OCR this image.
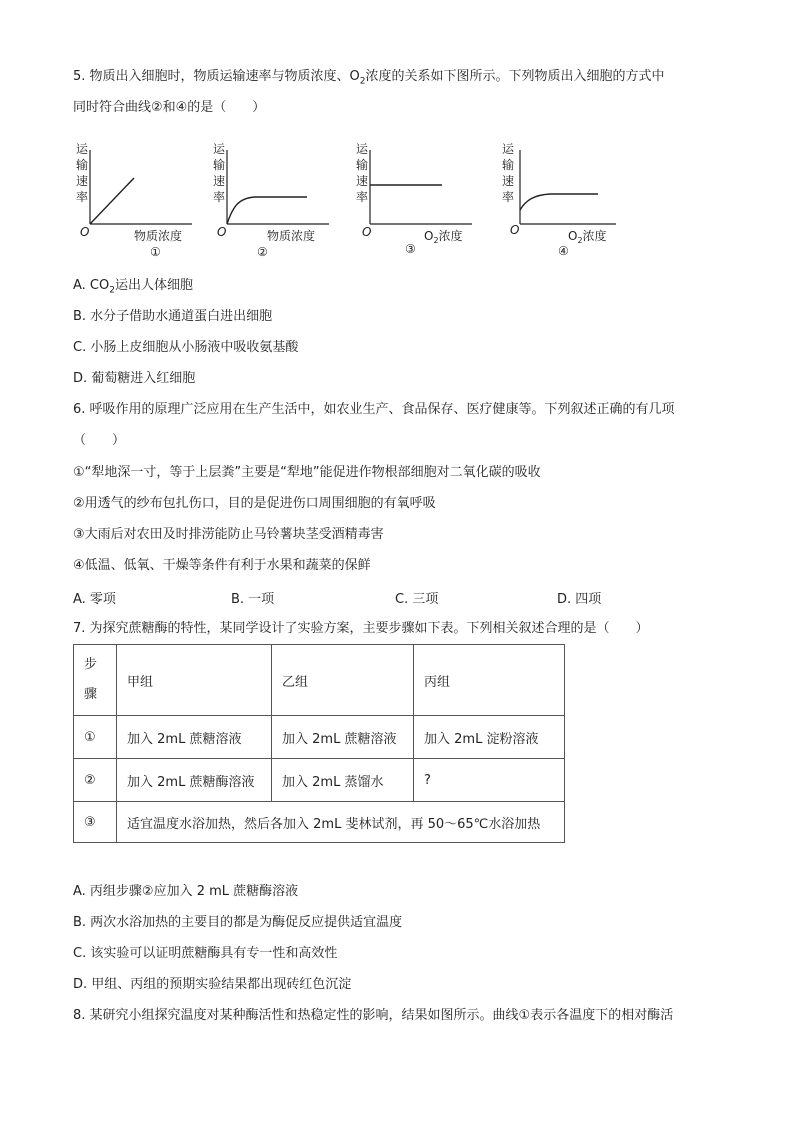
5. 物质出入细胞时，物质运输速率与物质浓度、$O_2$浓度的关系如下图所示。下列物质出入细胞的方式中
同时符合曲线②和④的是（　　）
运
输
速
率
O	物质浓度
①
运
输
速
率
O	物质浓度
②
运
输
速
率
O	$O_2$浓度
③
运
输
速
率
O	$O_2$浓度
④
A. $CO_2$运出人体细胞
B. 水分子借助水通道蛋白进出细胞
C. 小肠上皮细胞从小肠液中吸收氨基酸
D. 葡萄糖进入红细胞
6. 呼吸作用的原理广泛应用在生产生活中，如农业生产、食品保存、医疗健康等。下列叙述正确的有几项
（　　）
①“犁地深一寸，等于上层粪”主要是“犁地”能促进作物根部细胞对二氧化碳的吸收
②用透气的纱布包扎伤口，目的是促进伤口周围细胞的有氧呼吸
③大雨后对农田及时排涝能防止马铃薯块茎受酒精毒害
④低温、低氧、干燥等条件有利于水果和蔬菜的保鲜
A. 零项	B. 一项	C. 三项	D. 四项
7. 为探究蔗糖酶的特性，某同学设计了实验方案，主要步骤如下表。下列相关叙述合理的是（　　）
步
骤	甲组	乙组	丙组
①	加入 2mL 蔗糖溶液	加入 2mL 蔗糖溶液	加入 2mL 淀粉溶液
②	加入 2mL 蔗糖酶溶液	加入 2mL 蒸馏水	?
③	适宜温度水浴加热，然后各加入 2mL 斐林试剂，再 50～65℃水浴加热		
A. 丙组步骤②应加入 2 mL 蔗糖酶溶液
B. 两次水浴加热的主要目的都是为酶促反应提供适宜温度
C. 该实验可以证明蔗糖酶具有专一性和高效性
D. 甲组、丙组的预期实验结果都出现砖红色沉淀
8. 某研究小组探究温度对某种酶活性和热稳定性的影响，结果如图所示。曲线①表示各温度下的相对酶活
